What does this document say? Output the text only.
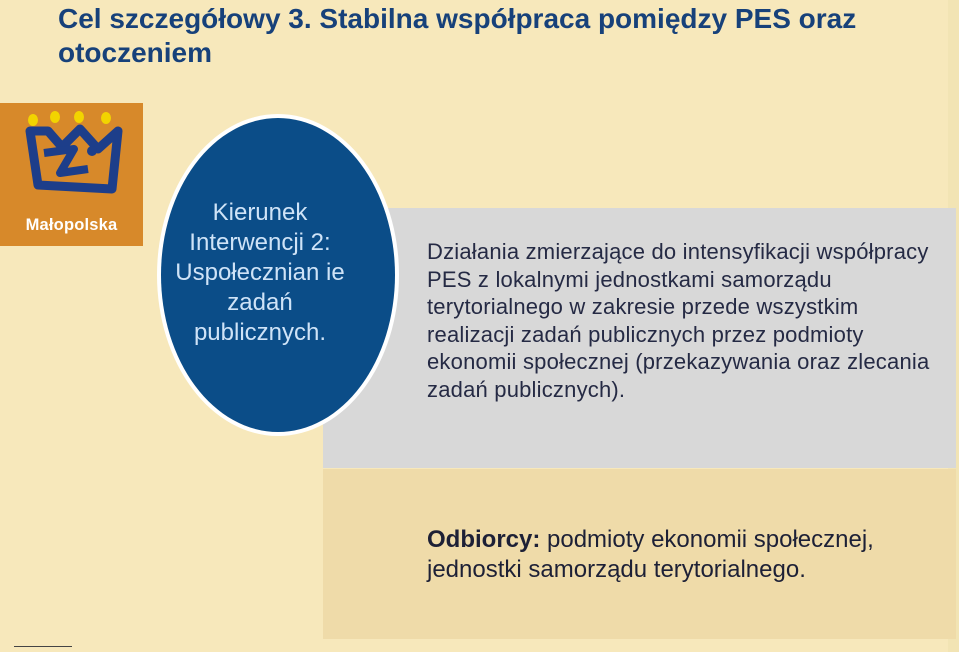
Cel szczegółowy 3. Stabilna współpraca pomiędzy PES oraz otoczeniem
Małopolska

Działania zmierzające do intensyfikacji współpracy PES z lokalnymi jednostkami samorządu terytorialnego w zakresie przede wszystkim realizacji zadań publicznych przez podmioty ekonomii społecznej (przekazywania oraz zlecania zadań publicznych).

Odbiorcy: podmioty ekonomii społecznej, jednostki samorządu terytorialnego.

Kierunek Interwencji 2: Uspołecznian ie zadań publicznych.
